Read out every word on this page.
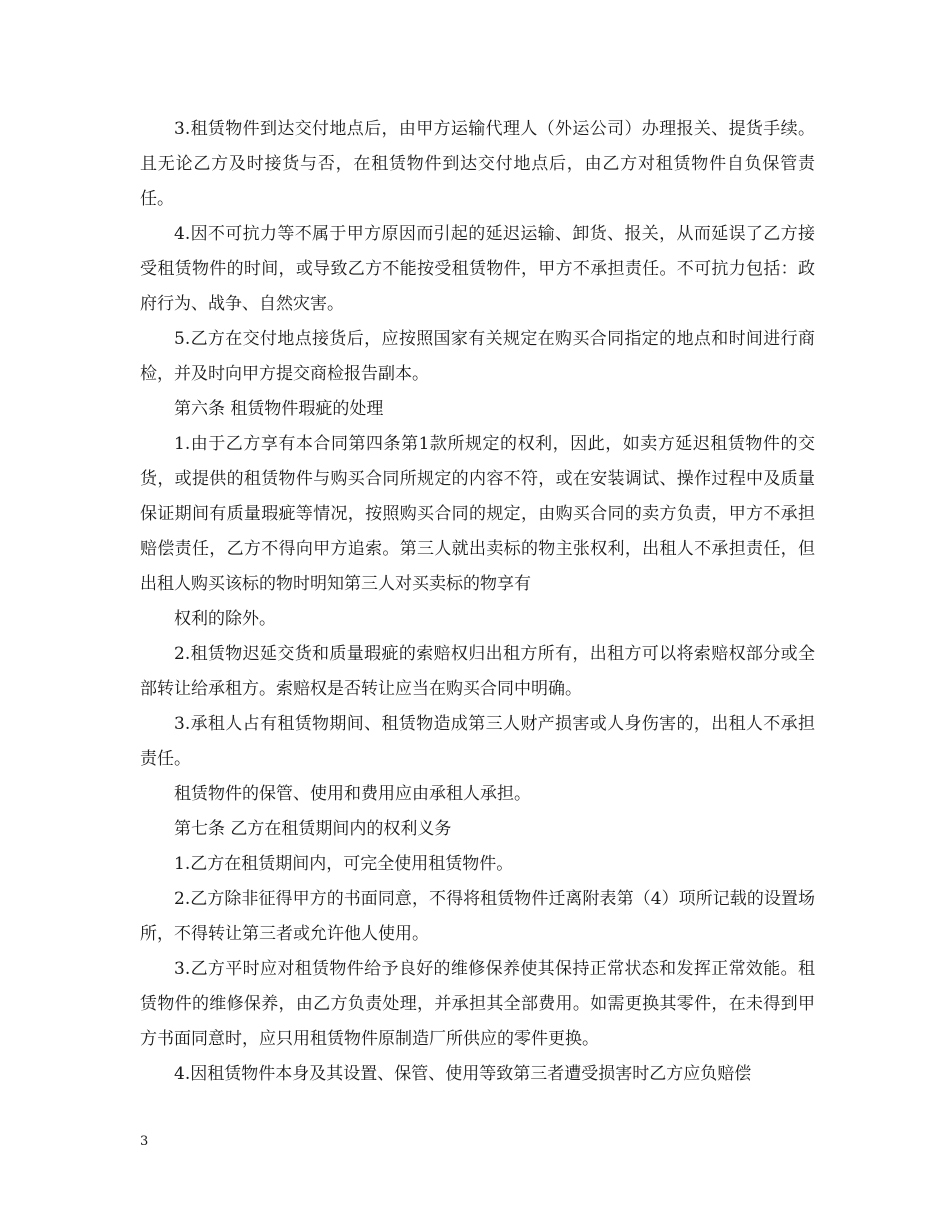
3.租赁物件到达交付地点后，由甲方运输代理人（外运公司）办理报关、提货手续。且无论乙方及时接货与否，在租赁物件到达交付地点后，由乙方对租赁物件自负保管责任。

4.因不可抗力等不属于甲方原因而引起的延迟运输、卸货、报关，从而延误了乙方接受租赁物件的时间，或导致乙方不能按受租赁物件，甲方不承担责任。不可抗力包括：政府行为、战争、自然灾害。

5.乙方在交付地点接货后，应按照国家有关规定在购买合同指定的地点和时间进行商检，并及时向甲方提交商检报告副本。

第六条 租赁物件瑕疵的处理

1.由于乙方享有本合同第四条第1款所规定的权利，因此，如卖方延迟租赁物件的交货，或提供的租赁物件与购买合同所规定的内容不符，或在安装调试、操作过程中及质量保证期间有质量瑕疵等情况，按照购买合同的规定，由购买合同的卖方负责，甲方不承担赔偿责任，乙方不得向甲方追索。第三人就出卖标的物主张权利，出租人不承担责任，但出租人购买该标的物时明知第三人对买卖标的物享有

权利的除外。

2.租赁物迟延交货和质量瑕疵的索赔权归出租方所有，出租方可以将索赔权部分或全部转让给承租方。索赔权是否转让应当在购买合同中明确。

3.承租人占有租赁物期间、租赁物造成第三人财产损害或人身伤害的，出租人不承担责任。

租赁物件的保管、使用和费用应由承租人承担。

第七条 乙方在租赁期间内的权利义务

1.乙方在租赁期间内，可完全使用租赁物件。

2.乙方除非征得甲方的书面同意，不得将租赁物件迁离附表第（4）项所记载的设置场所，不得转让第三者或允许他人使用。

3.乙方平时应对租赁物件给予良好的维修保养使其保持正常状态和发挥正常效能。租赁物件的维修保养，由乙方负责处理，并承担其全部费用。如需更换其零件，在未得到甲方书面同意时，应只用租赁物件原制造厂所供应的零件更换。

4.因租赁物件本身及其设置、保管、使用等致第三者遭受损害时乙方应负赔偿

3
